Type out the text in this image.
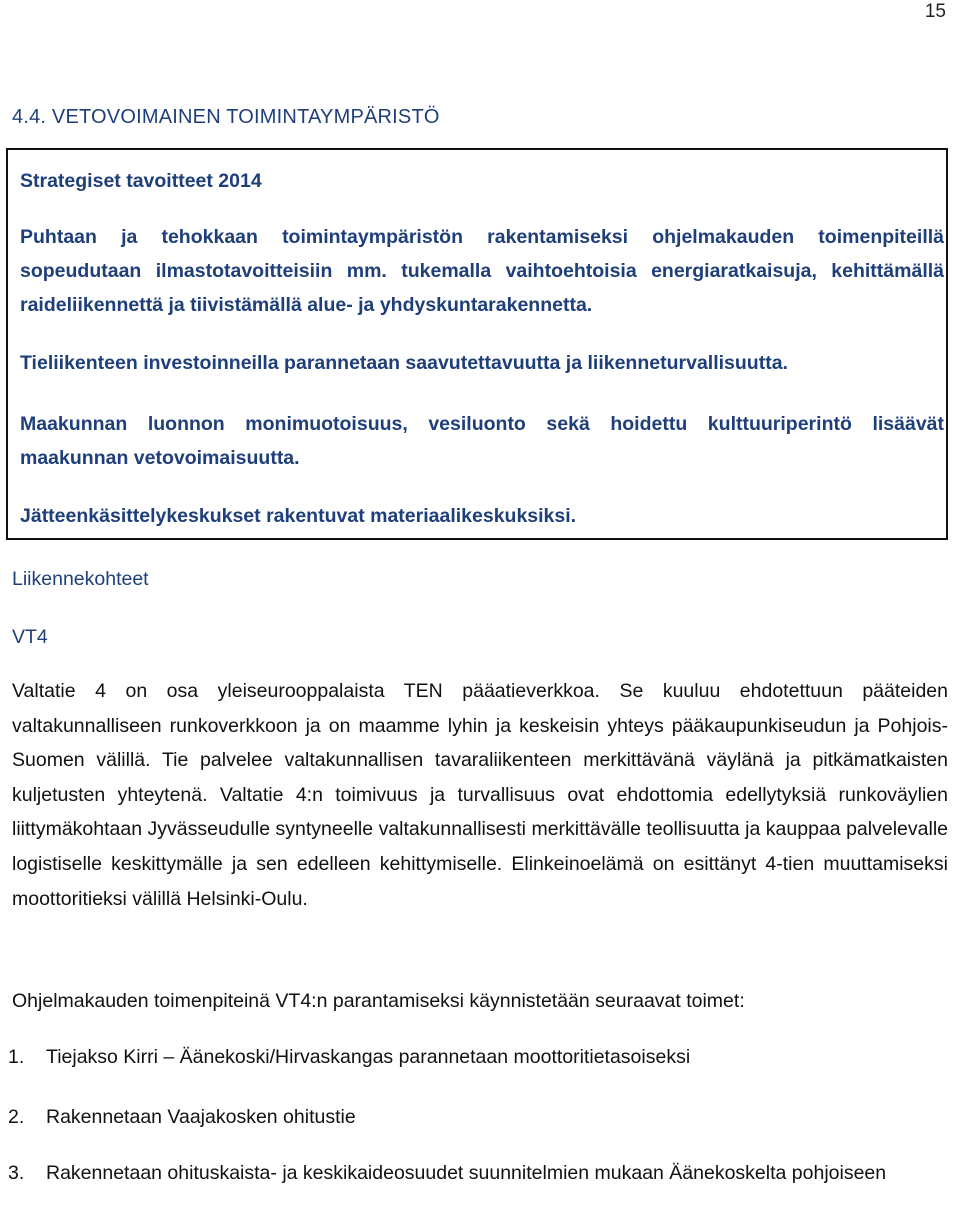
15
4.4. VETOVOIMAINEN TOIMINTAYMPÄRISTÖ
Strategiset tavoitteet 2014
Puhtaan ja tehokkaan toimintaympäristön rakentamiseksi ohjelmakauden toimenpiteillä sopeudutaan ilmastotavoitteisiin mm. tukemalla vaihtoehtoisia energiaratkaisuja, kehittämällä raideliikennettä ja tiivistämällä alue- ja yhdyskuntarakennetta.
Tieliikenteen investoinneilla parannetaan saavutettavuutta ja liikenneturvallisuutta.
Maakunnan luonnon monimuotoisuus, vesiluonto sekä hoidettu kulttuuriperintö lisäävät maakunnan vetovoimaisuutta.
Jätteenkäsittelykeskukset rakentuvat materiaalikeskuksiksi.
Liikennekohteet
VT4
Valtatie 4 on osa yleiseurooppalaista TEN pääatieverkkoa. Se kuuluu ehdotettuun pääteiden valtakunnalliseen runkoverkkoon ja on maamme lyhin ja keskeisin yhteys pääkaupunkiseudun ja Pohjois-Suomen välillä. Tie palvelee valtakunnallisen tavaraliikenteen merkittävänä väylänä ja pitkämatkaisten kuljetusten yhteytenä. Valtatie 4:n toimivuus ja turvallisuus ovat ehdottomia edellytyksiä runkoväylien liittymäkohtaan Jyvässeudulle syntyneelle valtakunnallisesti merkittävälle teollisuutta ja kauppaa palvelevalle logistiselle keskittymälle ja sen edelleen kehittymiselle. Elinkeinoelämä on esittänyt 4-tien muuttamiseksi moottoritieksi välillä Helsinki-Oulu.
Ohjelmakauden toimenpiteinä VT4:n parantamiseksi käynnistetään seuraavat toimet:
1. Tiejakso Kirri – Äänekoski/Hirvaskangas parannetaan moottoritietasoiseksi
2. Rakennetaan Vaajakosken ohitustie
3. Rakennetaan ohituskaista- ja keskikaideosuudet suunnitelmien mukaan Äänekoskelta pohjoiseen
